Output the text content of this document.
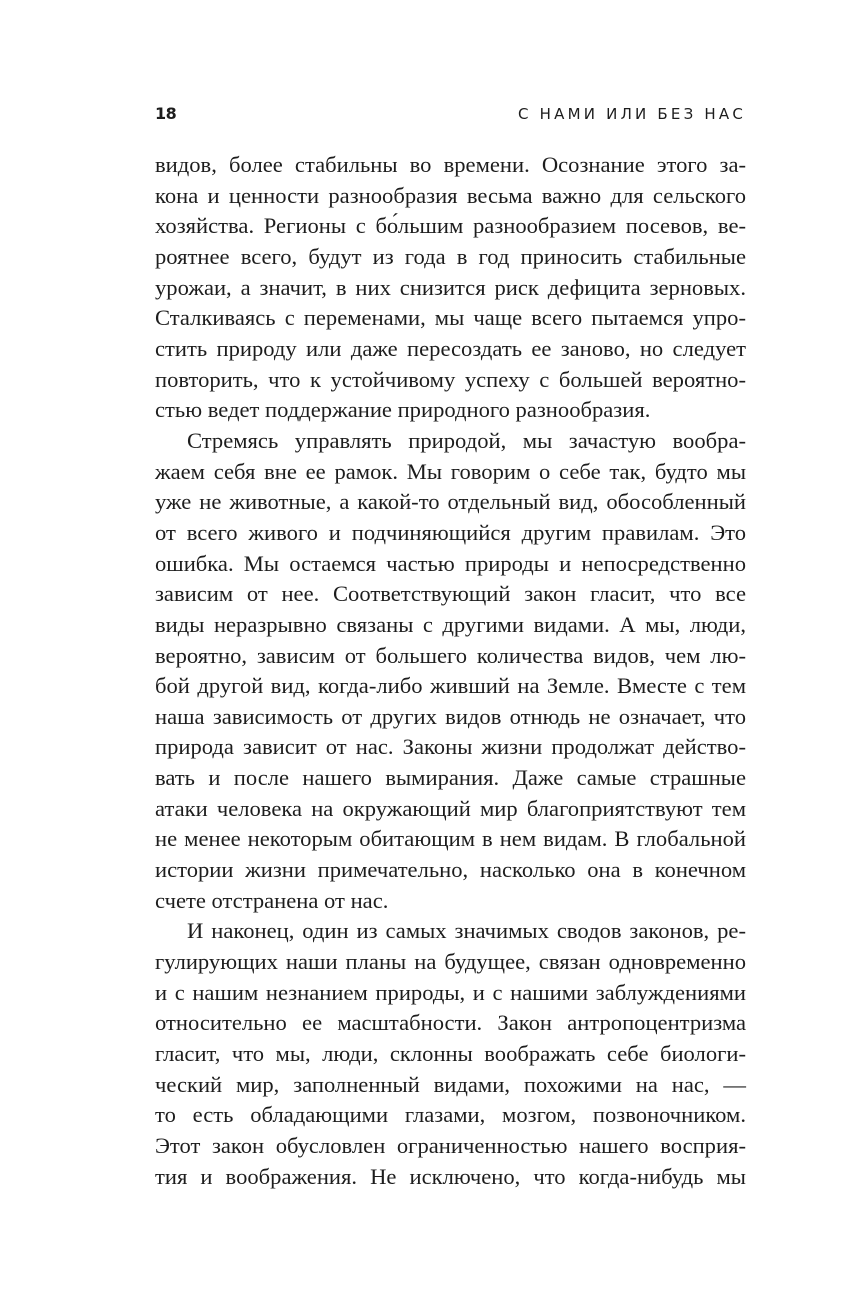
18	С НАМИ ИЛИ БЕЗ НАС
видов, более стабильны во времени. Осознание этого за-
кона и ценности разнообразия весьма важно для сельского
хозяйства. Регионы с бо́льшим разнообразием посевов, ве-
роятнее всего, будут из года в год приносить стабильные
урожаи, а значит, в них снизится риск дефицита зерновых.
Сталкиваясь с переменами, мы чаще всего пытаемся упро-
стить природу или даже пересоздать ее заново, но следует
повторить, что к устойчивому успеху с большей вероятно-
стью ведет поддержание природного разнообразия.
Стремясь управлять природой, мы зачастую вообра-
жаем себя вне ее рамок. Мы говорим о себе так, будто мы
уже не животные, а какой-то отдельный вид, обособленный
от всего живого и подчиняющийся другим правилам. Это
ошибка. Мы остаемся частью природы и непосредственно
зависим от нее. Соответствующий закон гласит, что все
виды неразрывно связаны с другими видами. А мы, люди,
вероятно, зависим от большего количества видов, чем лю-
бой другой вид, когда-либо живший на Земле. Вместе с тем
наша зависимость от других видов отнюдь не означает, что
природа зависит от нас. Законы жизни продолжат действо-
вать и после нашего вымирания. Даже самые страшные
атаки человека на окружающий мир благоприятствуют тем
не менее некоторым обитающим в нем видам. В глобальной
истории жизни примечательно, насколько она в конечном
счете отстранена от нас.
И наконец, один из самых значимых сводов законов, ре-
гулирующих наши планы на будущее, связан одновременно
и с нашим незнанием природы, и с нашими заблуждениями
относительно ее масштабности. Закон антропоцентризма
гласит, что мы, люди, склонны воображать себе биологи-
ческий мир, заполненный видами, похожими на нас, —
то есть обладающими глазами, мозгом, позвоночником.
Этот закон обусловлен ограниченностью нашего восприя-
тия и воображения. Не исключено, что когда-нибудь мы
